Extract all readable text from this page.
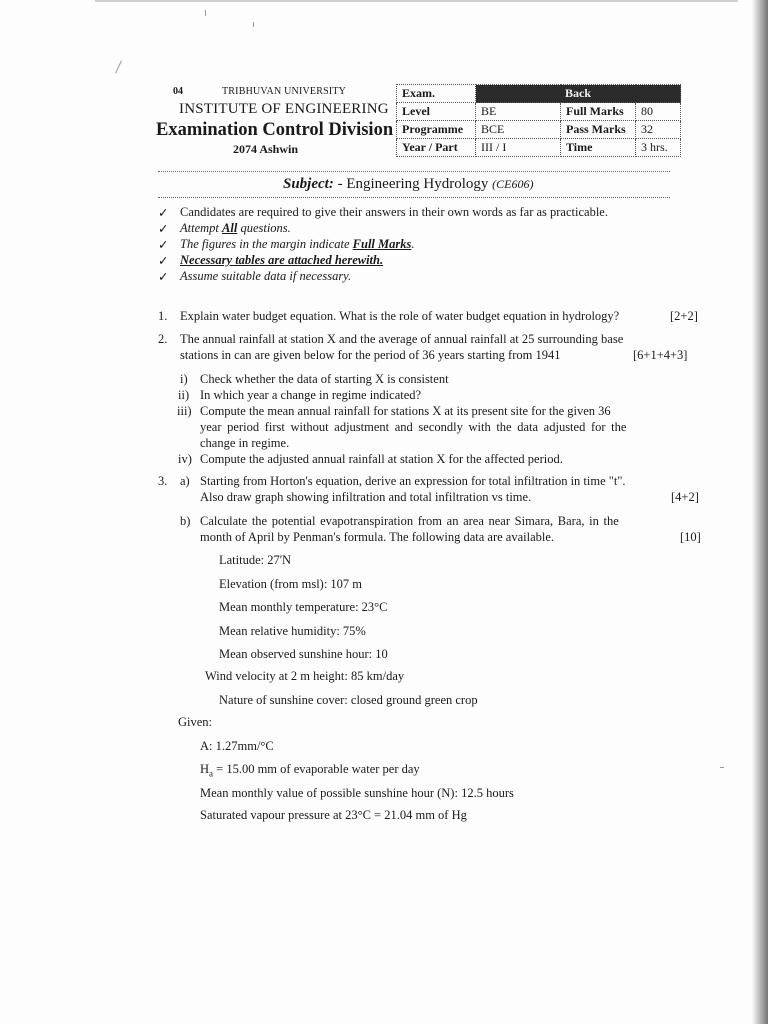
04	TRIBHUVAN UNIVERSITY
INSTITUTE OF ENGINEERING
Examination Control Division
2074 Ashwin
Exam.	Back		
Level	BE	Full Marks	80
Programme	BCE	Pass Marks	32
Year / Part	III / I	Time	3 hrs.
Subject: - Engineering Hydrology (CE606)
✓ Candidates are required to give their answers in their own words as far as practicable.
✓ Attempt All questions.
✓ The figures in the margin indicate Full Marks.
✓ Necessary tables are attached herewith.
✓ Assume suitable data if necessary.
1. Explain water budget equation. What is the role of water budget equation in hydrology?	[2+2]
2. The annual rainfall at station X and the average of annual rainfall at 25 surrounding base
stations in can are given below for the period of 36 years starting from 1941	[6+1+4+3]
i) Check whether the data of starting X is consistent
ii) In which year a change in regime indicated?
iii) Compute the mean annual rainfall for stations X at its present site for the given 36
year period first without adjustment and secondly with the data adjusted for the
change in regime.
iv) Compute the adjusted annual rainfall at station X for the affected period.
3. a) Starting from Horton's equation, derive an expression for total infiltration in time "t".
Also draw graph showing infiltration and total infiltration vs time.	[4+2]
b) Calculate the potential evapotranspiration from an area near Simara, Bara, in the
month of April by Penman's formula. The following data are available.	[10]
Latitude: 27'N
Elevation (from msl): 107 m
Mean monthly temperature: 23°C
Mean relative humidity: 75%
Mean observed sunshine hour: 10
Wind velocity at 2 m height: 85 km/day
Nature of sunshine cover: closed ground green crop
Given:
A: 1.27mm/°C
$H_a = 15.00$ mm of evaporable water per day
Mean monthly value of possible sunshine hour (N): 12.5 hours
Saturated vapour pressure at 23°C = 21.04 mm of Hg
